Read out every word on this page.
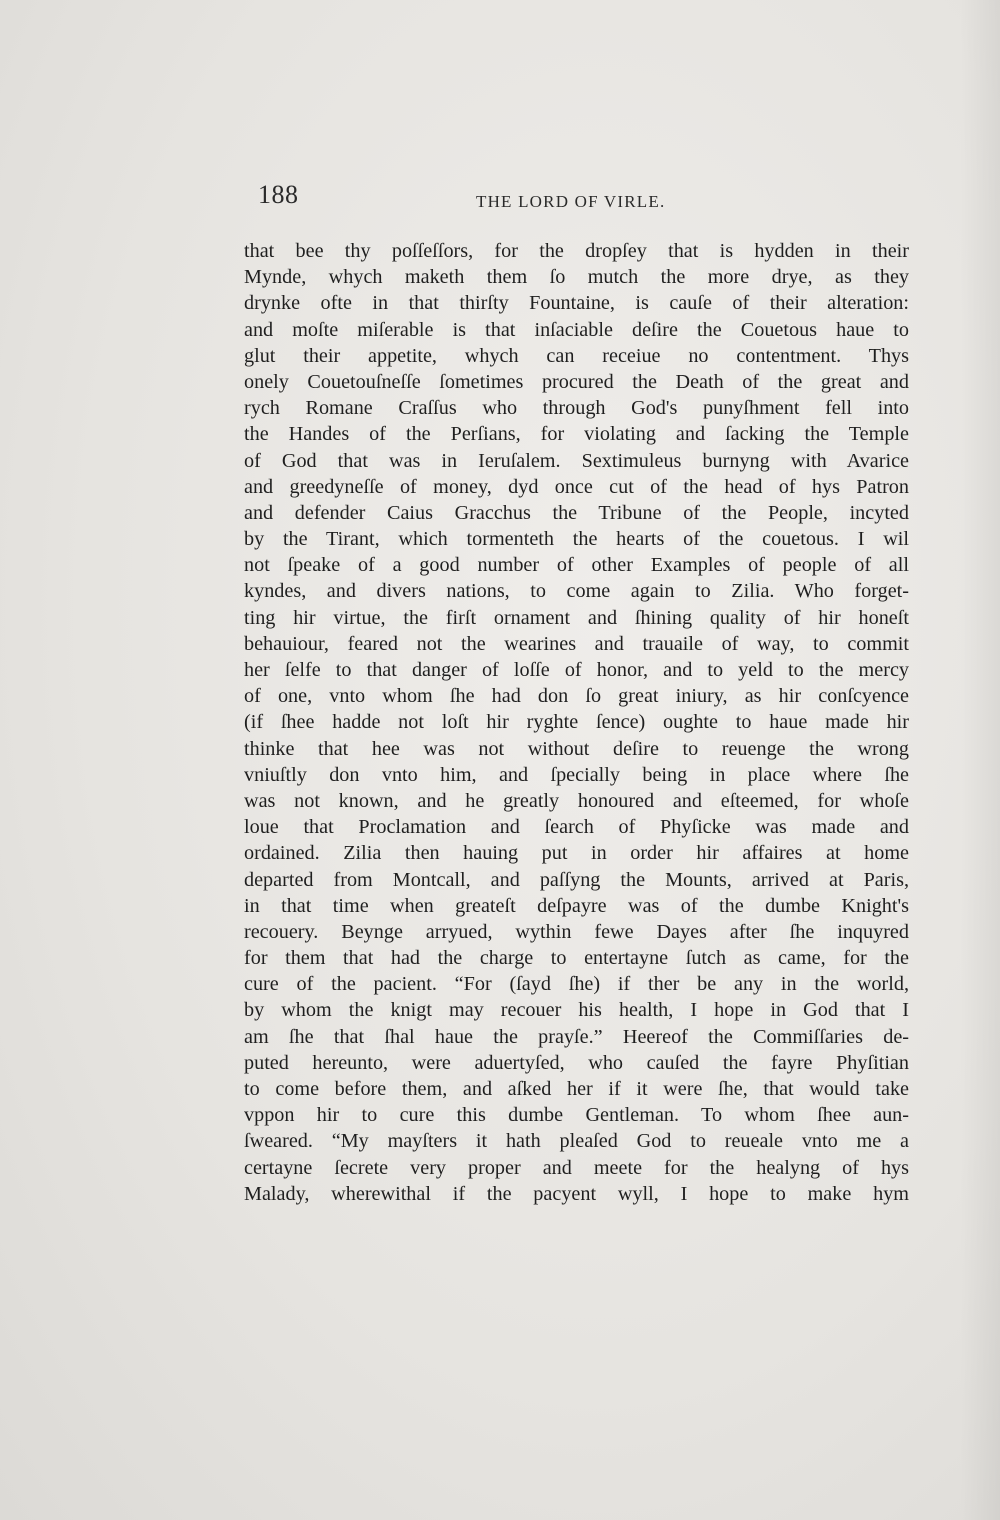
188	THE LORD OF VIRLE.
that bee thy poſſeſſors, for the dropſey that is hydden in their
Mynde, whych maketh them ſo mutch the more drye, as they
drynke ofte in that thirſty Fountaine, is cauſe of their alteration:
and moſte miſerable is that inſaciable deſire the Couetous haue to
glut their appetite, whych can receiue no contentment. Thys
onely Couetouſneſſe ſometimes procured the Death of the great and
rych Romane Craſſus who through God's punyſhment fell into
the Handes of the Perſians, for violating and ſacking the Temple
of God that was in Ieruſalem. Sextimuleus burnyng with Avarice
and greedyneſſe of money, dyd once cut of the head of hys Patron
and defender Caius Gracchus the Tribune of the People, incyted
by the Tirant, which tormenteth the hearts of the couetous. I wil
not ſpeake of a good number of other Examples of people of all
kyndes, and divers nations, to come again to Zilia. Who forget-
ting hir virtue, the firſt ornament and ſhining quality of hir honeſt
behauiour, feared not the wearines and trauaile of way, to commit
her ſelfe to that danger of loſſe of honor, and to yeld to the mercy
of one, vnto whom ſhe had don ſo great iniury, as hir conſcyence
(if ſhee hadde not loſt hir ryghte ſence) oughte to haue made hir
thinke that hee was not without deſire to reuenge the wrong
vniuſtly don vnto him, and ſpecially being in place where ſhe
was not known, and he greatly honoured and eſteemed, for whoſe
loue that Proclamation and ſearch of Phyſicke was made and
ordained. Zilia then hauing put in order hir affaires at home
departed from Montcall, and paſſyng the Mounts, arrived at Paris,
in that time when greateſt deſpayre was of the dumbe Knight's
recouery. Beynge arryued, wythin fewe Dayes after ſhe inquyred
for them that had the charge to entertayne ſutch as came, for the
cure of the pacient. “For (ſayd ſhe) if ther be any in the world,
by whom the knigt may recouer his health, I hope in God that I
am ſhe that ſhal haue the prayſe.” Heereof the Commiſſaries de-
puted hereunto, were aduertyſed, who cauſed the fayre Phyſitian
to come before them, and aſked her if it were ſhe, that would take
vppon hir to cure this dumbe Gentleman. To whom ſhee aun-
ſweared. “My mayſters it hath pleaſed God to reueale vnto me a
certayne ſecrete very proper and meete for the healyng of hys
Malady, wherewithal if the pacyent wyll, I hope to make hym
